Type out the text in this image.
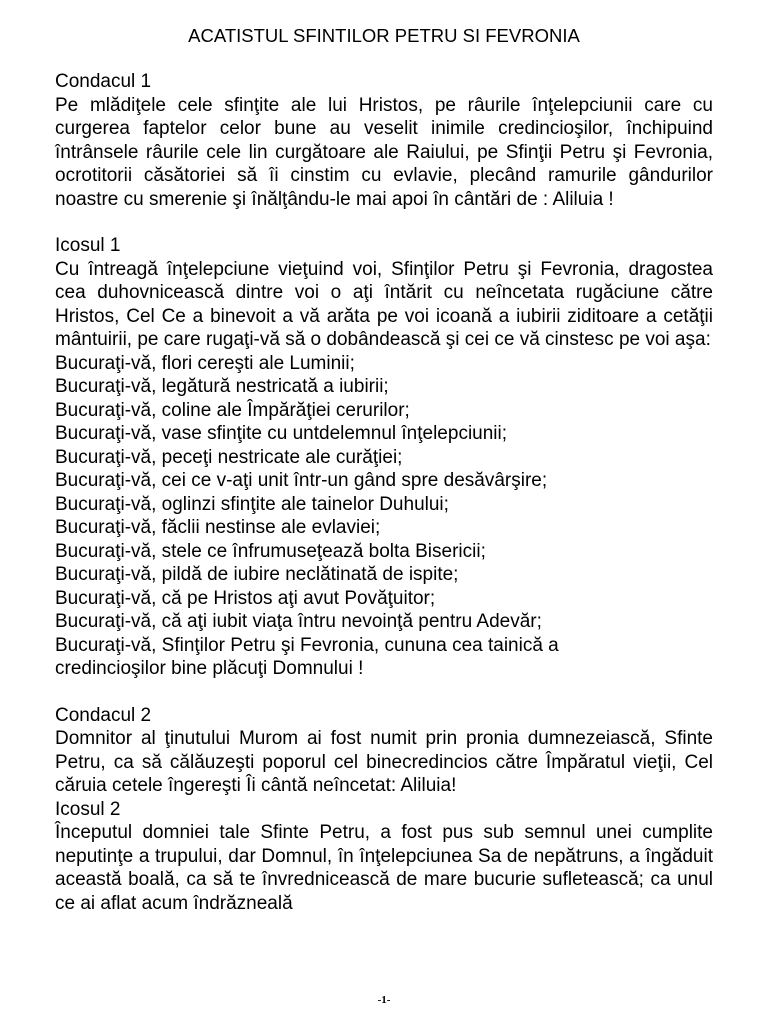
ACATISTUL SFINTILOR PETRU SI FEVRONIA
Condacul 1
Pe mlădiţele cele sfinţite ale lui Hristos, pe râurile înţelepciunii care cu curgerea faptelor celor bune au veselit inimile credincioşilor, închipuind întrânsele râurile cele lin curgătoare ale Raiului, pe Sfinţii Petru şi Fevronia, ocrotitorii căsătoriei să îi cinstim cu evlavie, plecând ramurile gândurilor noastre cu smerenie şi înălţându-le mai apoi în cântări de : Aliluia !
Icosul 1
Cu întreagă înţelepciune vieţuind voi, Sfinţilor Petru şi Fevronia, dragostea cea duhovnicească dintre voi o aţi întărit cu neîncetata rugăciune către Hristos, Cel Ce a binevoit a vă arăta pe voi icoană a iubirii ziditoare a cetăţii mântuirii, pe care rugaţi-vă să o dobândească şi cei ce vă cinstesc pe voi aşa:
Bucuraţi-vă, flori cereşti ale Luminii;
Bucuraţi-vă, legătură nestricată a iubirii;
Bucuraţi-vă, coline ale Împărăţiei cerurilor;
Bucuraţi-vă, vase sfinţite cu untdelemnul înţelepciunii;
Bucuraţi-vă, peceţi nestricate ale curăţiei;
Bucuraţi-vă, cei ce v-aţi unit într-un gând spre desăvârşire;
Bucuraţi-vă, oglinzi sfinţite ale tainelor Duhului;
Bucuraţi-vă, făclii nestinse ale evlaviei;
Bucuraţi-vă, stele ce înfrumuseţează bolta Bisericii;
Bucuraţi-vă, pildă de iubire neclătinată de ispite;
Bucuraţi-vă, că pe Hristos aţi avut Povăţuitor;
Bucuraţi-vă, că aţi iubit viaţa întru nevoinţă pentru Adevăr;
Bucuraţi-vă, Sfinţilor Petru şi Fevronia, cununa cea tainică a
credincioşilor bine plăcuţi Domnului !
Condacul 2
Domnitor al ţinutului Murom ai fost numit prin pronia dumnezeiască, Sfinte Petru, ca să călăuzeşti poporul cel binecredincios către Împăratul vieţii, Cel căruia cetele îngereşti Îi cântă neîncetat: Aliluia!
Icosul 2
Începutul domniei tale Sfinte Petru, a fost pus sub semnul unei cumplite neputinţe a trupului, dar Domnul, în înţelepciunea Sa de nepătruns, a îngăduit această boală, ca să te învrednicească de mare bucurie sufletească; ca unul ce ai aflat acum îndrăzneală
-1-
